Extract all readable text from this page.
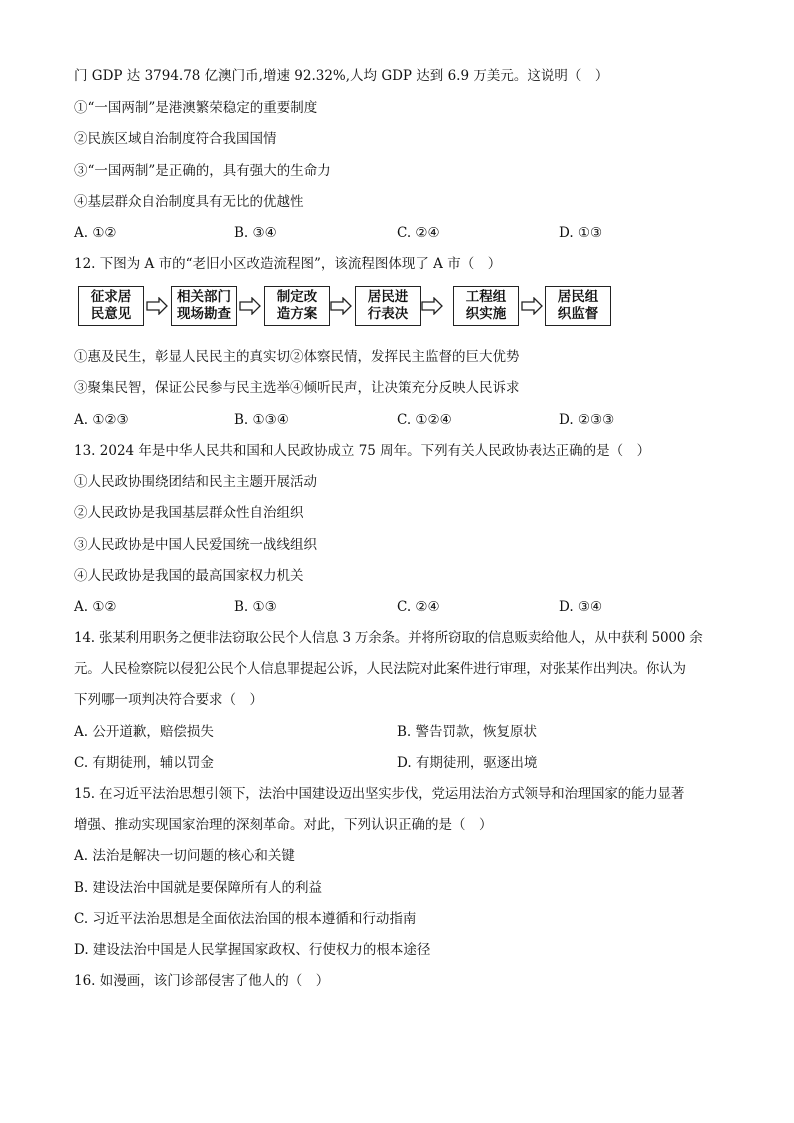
门 GDP 达 3794.78 亿澳门币,增速 92.32%,人均 GDP 达到 6.9 万美元。这说明（　）
①“一国两制”是港澳繁荣稳定的重要制度
②民族区域自治制度符合我国国情
③“一国两制”是正确的，具有强大的生命力
④基层群众自治制度具有无比的优越性
A. ①②	B. ③④	C. ②④	D. ①③
12. 下图为 A 市的“老旧小区改造流程图”，该流程图体现了 A 市（　）
征求居
民意见
相关部门
现场勘查
制定改
造方案
居民进
行表决
工程组
织实施
居民组
织监督
①惠及民生，彰显人民民主的真实切②体察民情，发挥民主监督的巨大优势
③聚集民智，保证公民参与民主选举④倾听民声，让决策充分反映人民诉求
A. ①②③	B. ①③④	C. ①②④	D. ②③③
13. 2024 年是中华人民共和国和人民政协成立 75 周年。下列有关人民政协表达正确的是（　）
①人民政协围绕团结和民主主题开展活动
②人民政协是我国基层群众性自治组织
③人民政协是中国人民爱国统一战线组织
④人民政协是我国的最高国家权力机关
A. ①②	B. ①③	C. ②④	D. ③④
14. 张某利用职务之便非法窃取公民个人信息 3 万余条。并将所窃取的信息贩卖给他人，从中获利 5000 余
元。人民检察院以侵犯公民个人信息罪提起公诉，人民法院对此案件进行审理，对张某作出判决。你认为
下列哪一项判决符合要求（　）
A. 公开道歉，赔偿损失	B. 警告罚款，恢复原状
C. 有期徒刑，辅以罚金	D. 有期徒刑，驱逐出境
15. 在习近平法治思想引领下，法治中国建设迈出坚实步伐，党运用法治方式领导和治理国家的能力显著
增强、推动实现国家治理的深刻革命。对此，下列认识正确的是（　）
A. 法治是解决一切问题的核心和关键
B. 建设法治中国就是要保障所有人的利益
C. 习近平法治思想是全面依法治国的根本遵循和行动指南
D. 建设法治中国是人民掌握国家政权、行使权力的根本途径
16. 如漫画，该门诊部侵害了他人的（　）
